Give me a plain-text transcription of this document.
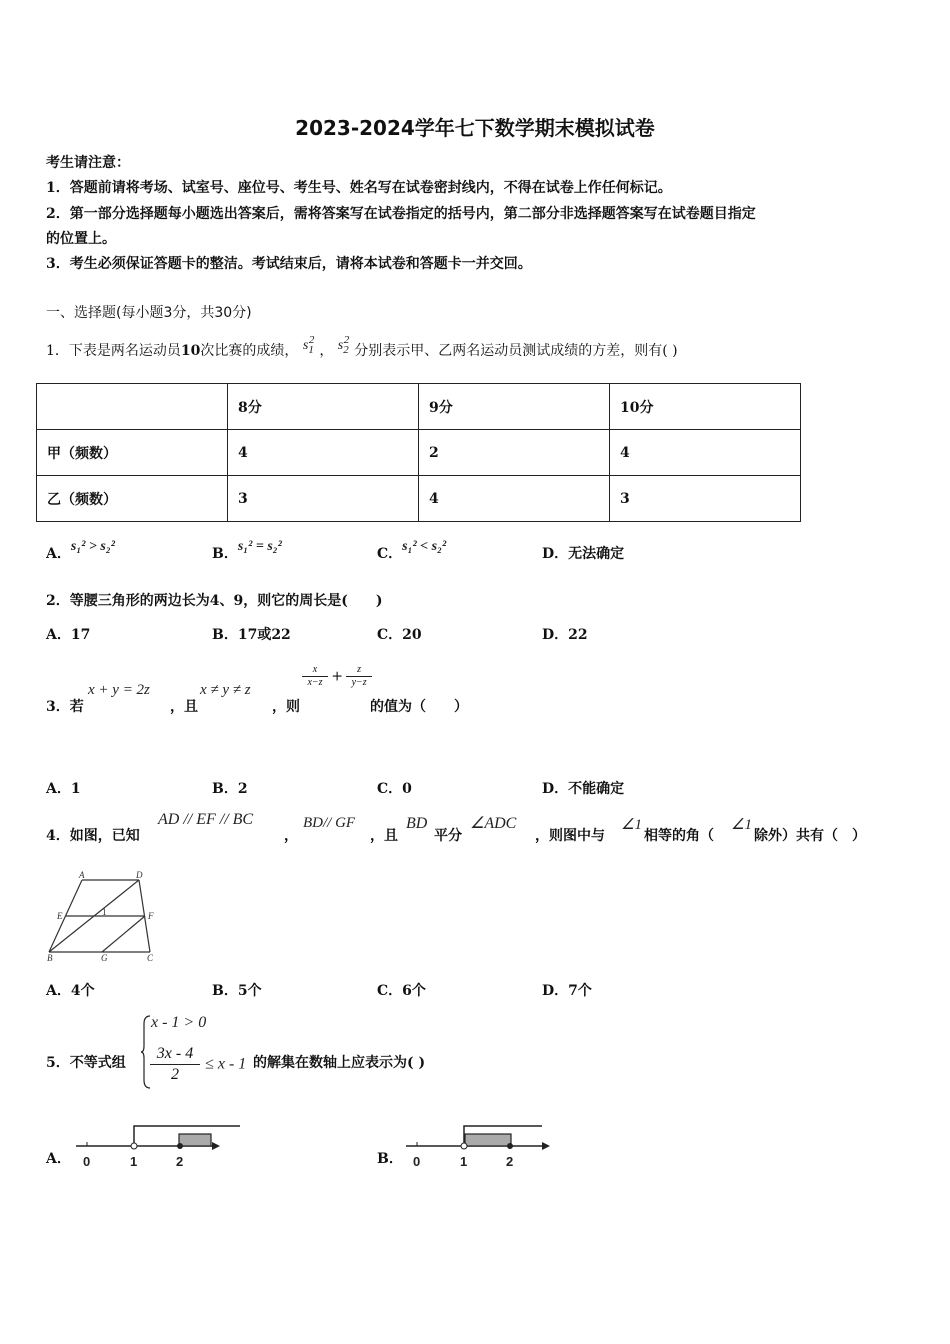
2023-2024学年七下数学期末模拟试卷
考生请注意：
1．答题前请将考场、试室号、座位号、考生号、姓名写在试卷密封线内，不得在试卷上作任何标记。
2．第一部分选择题每小题选出答案后，需将答案写在试卷指定的括号内，第二部分非选择题答案写在试卷题目指定
的位置上。
3．考生必须保证答题卡的整洁。考试结束后，请将本试卷和答题卡一并交回。
一、选择题(每小题3分，共30分)
1．下表是两名运动员10次比赛的成绩， $s_1^2$， $s_2^2$分别表示甲、乙两名运动员测试成绩的方差，则有( )
	8分	9分	10分
甲（频数）	4	2	4
乙（频数）	3	4	3
A．s₁² > s₂²	B．s₁² = s₂²	C．s₁² < s₂²	D．无法确定
2．等腰三角形的两边长为4、9，则它的周长是(　　)
A．17	B．17或22	C．20	D．22
3．若
x + y = 2z
，且
x ≠ y ≠ z
，则
$\frac{x}{x-z} + \frac{z}{y-z}$
的值为（　　）
A．1	B．2	C．0	D．不能确定
4．如图，已知
AD // EF // BC
，
BD// GF
，且
BD
平分
∠ADC
，则图中与
∠1
相等的角（
∠1
除外）共有（　）
A	D
E	1	F
B	G	C
A．4个	B．5个	C．6个	D．7个
5．不等式组
x - 1 > 0
$\frac{3x - 4}{2} \le x - 1$ 的解集在数轴上应表示为( )
A． 0	1	2	B． 0	1	2
